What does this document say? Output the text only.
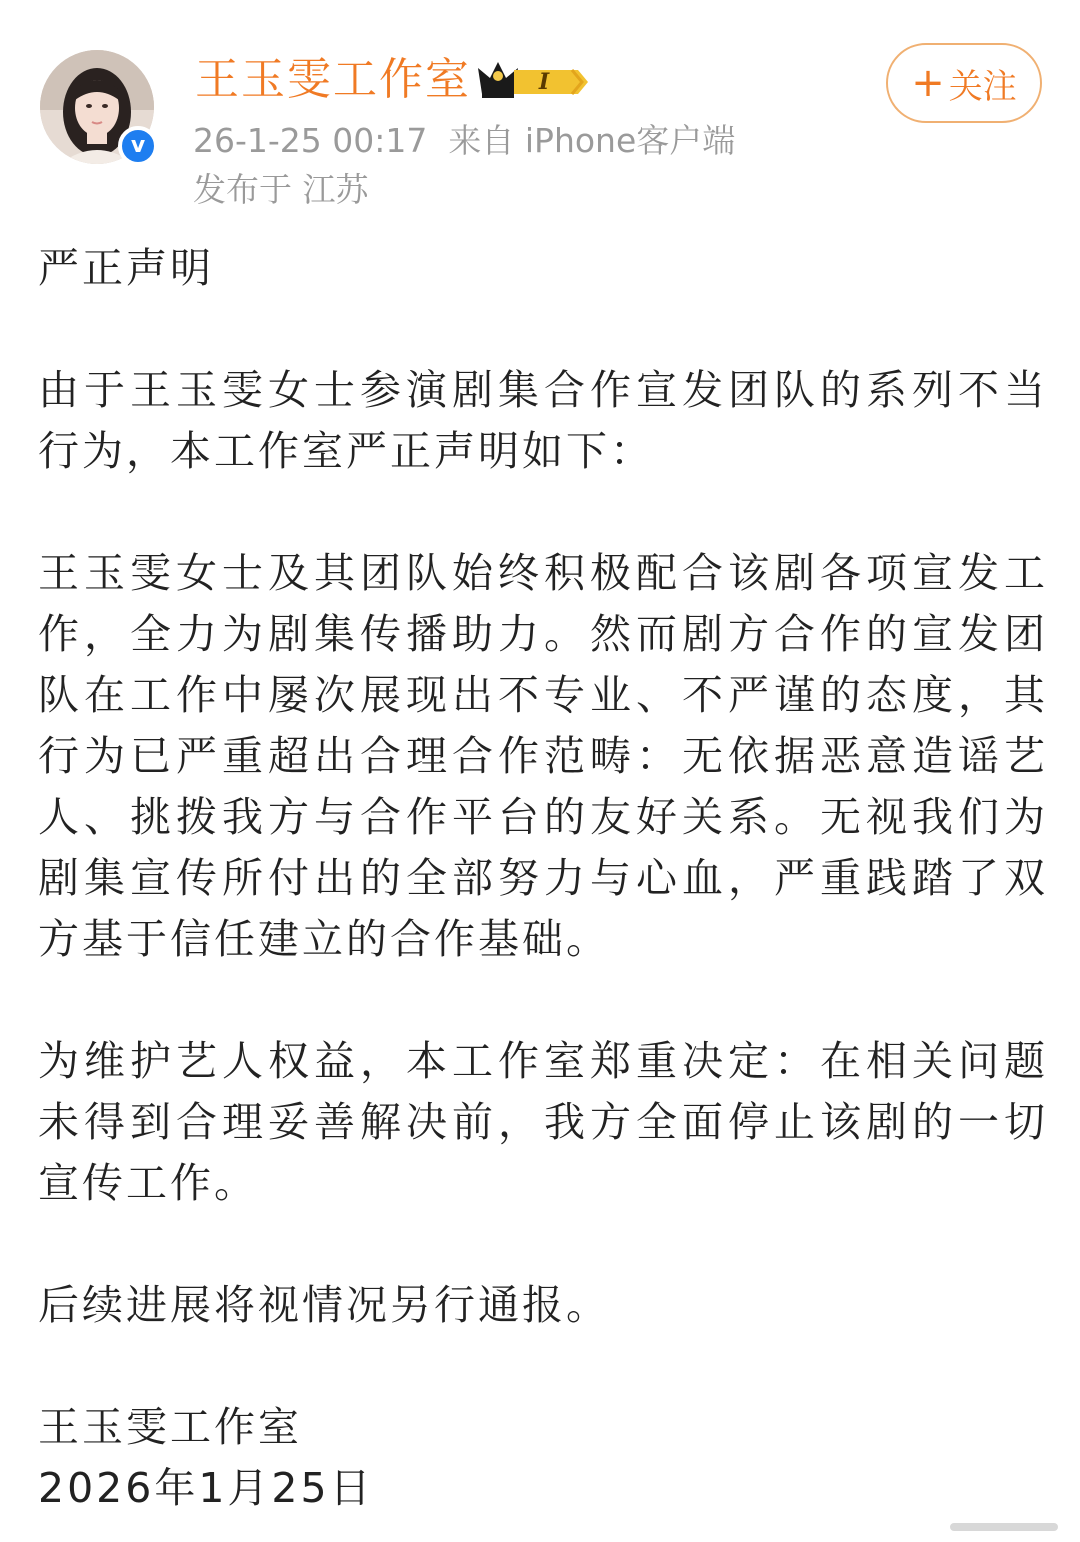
v
王玉雯工作室	I
26-1-25 00:17 来自 iPhone客户端
发布于 江苏
+ 关注

严正声明

由于王玉雯女士参演剧集合作宣发团队的系列不当行为，本工作室严正声明如下：

王玉雯女士及其团队始终积极配合该剧各项宣发工作，全力为剧集传播助力。然而剧方合作的宣发团队在工作中屡次展现出不专业、不严谨的态度，其行为已严重超出合理合作范畴：无依据恶意造谣艺人、挑拨我方与合作平台的友好关系。无视我们为剧集宣传所付出的全部努力与心血，严重践踏了双方基于信任建立的合作基础。

为维护艺人权益，本工作室郑重决定：在相关问题未得到合理妥善解决前，我方全面停止该剧的一切宣传工作。

后续进展将视情况另行通报。

王玉雯工作室
2026年1月25日
